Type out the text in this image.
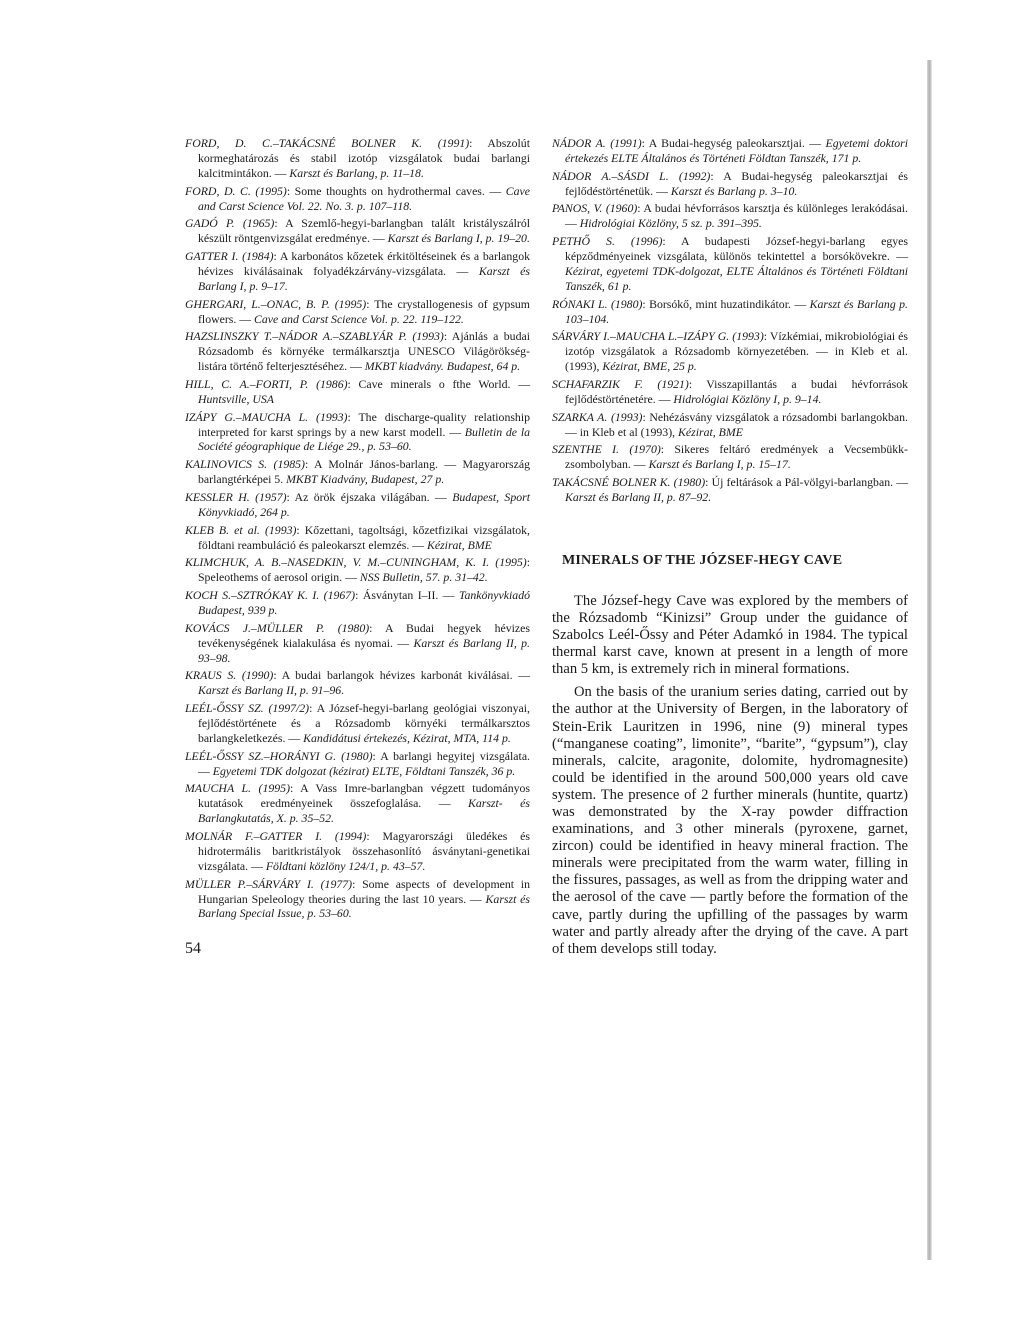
FORD, D. C.–TAKÁCSNÉ BOLNER K. (1991): Abszolút kormeghatározás és stabil izotóp vizsgálatok budai barlangi kalcitmintákon. — Karszt és Barlang, p. 11–18.

FORD, D. C. (1995): Some thoughts on hydrothermal caves. — Cave and Carst Science Vol. 22. No. 3. p. 107–118.

GADÓ P. (1965): A Szemlő-hegyi-barlangban talált kristályszálról készült röntgenvizsgálat eredménye. — Karszt és Barlang I, p. 19–20.

GATTER I. (1984): A karbonátos kőzetek érkitöltéseinek és a barlangok hévizes kiválásainak folyadékzárvány-vizsgálata. — Karszt és Barlang I, p. 9–17.

GHERGARI, L.–ONAC, B. P. (1995): The crystallogenesis of gypsum flowers. — Cave and Carst Science Vol. p. 22. 119–122.

HAZSLINSZKY T.–NÁDOR A.–SZABLYÁR P. (1993): Ajánlás a budai Rózsadomb és környéke termálkarsztja UNESCO Világörökség-listára történő felterjesztéséhez. — MKBT kiadvány. Budapest, 64 p.

HILL, C. A.–FORTI, P. (1986): Cave minerals o fthe World. — Huntsville, USA

IZÁPY G.–MAUCHA L. (1993): The discharge-quality relationship interpreted for karst springs by a new karst modell. — Bulletin de la Société géographique de Liége 29., p. 53–60.

KALINOVICS S. (1985): A Molnár János-barlang. — Magyarország barlangtérképei 5. MKBT Kiadvány, Budapest, 27 p.

KESSLER H. (1957): Az örök éjszaka világában. — Budapest, Sport Könyvkiadó, 264 p.

KLEB B. et al. (1993): Kőzettani, tagoltsági, kőzetfizikai vizsgálatok, földtani reambuláció és paleokarszt elemzés. — Kézirat, BME

KLIMCHUK, A. B.–NASEDKIN, V. M.–CUNINGHAM, K. I. (1995): Speleothems of aerosol origin. — NSS Bulletin, 57. p. 31–42.

KOCH S.–SZTRÓKAY K. I. (1967): Ásványtan I–II. — Tankönyvkiadó Budapest, 939 p.

KOVÁCS J.–MÜLLER P. (1980): A Budai hegyek hévizes tevékenységének kialakulása és nyomai. — Karszt és Barlang II, p. 93–98.

KRAUS S. (1990): A budai barlangok hévizes karbonát kiválásai. — Karszt és Barlang II, p. 91–96.

LEÉL-ŐSSY SZ. (1997/2): A József-hegyi-barlang geológiai viszonyai, fejlődéstörténete és a Rózsadomb környéki termálkarsztos barlangkeletkezés. — Kandidátusi értekezés, Kézirat, MTA, 114 p.

LEÉL-ŐSSY SZ.–HORÁNYI G. (1980): A barlangi hegyitej vizsgálata. — Egyetemi TDK dolgozat (kézirat) ELTE, Földtani Tanszék, 36 p.

MAUCHA L. (1995): A Vass Imre-barlangban végzett tudományos kutatások eredményeinek összefoglalása. — Karszt- és Barlangkutatás, X. p. 35–52.

MOLNÁR F.–GATTER I. (1994): Magyarországi üledékes és hidrotermális baritkristályok összehasonlító ásványtani-genetikai vizsgálata. — Földtani közlöny 124/1, p. 43–57.

MÜLLER P.–SÁRVÁRY I. (1977): Some aspects of development in Hungarian Speleology theories during the last 10 years. — Karszt és Barlang Special Issue, p. 53–60.

NÁDOR A. (1991): A Budai-hegység paleokarsztjai. — Egyetemi doktori értekezés ELTE Általános és Történeti Földtan Tanszék, 171 p.

NÁDOR A.–SÁSDI L. (1992): A Budai-hegység paleokarsztjai és fejlődéstörténetük. — Karszt és Barlang p. 3–10.

PANOS, V. (1960): A budai hévforrásos karsztja és különleges lerakódásai. — Hidrológiai Közlöny, 5 sz. p. 391–395.

PETHŐ S. (1996): A budapesti József-hegyi-barlang egyes képződményeinek vizsgálata, különös tekintettel a borsókövekre. — Kézirat, egyetemi TDK-dolgozat, ELTE Általános és Történeti Földtani Tanszék, 61 p.

RÓNAKI L. (1980): Borsókő, mint huzatindikátor. — Karszt és Barlang p. 103–104.

SÁRVÁRY I.–MAUCHA L.–IZÁPY G. (1993): Vízkémiai, mikrobiológiai és izotóp vizsgálatok a Rózsadomb környezetében. — in Kleb et al. (1993), Kézirat, BME, 25 p.

SCHAFARZIK F. (1921): Visszapillantás a budai hévforrások fejlődéstörténetére. — Hidrológiai Közlöny I, p. 9–14.

SZARKA A. (1993): Nehézásvány vizsgálatok a rózsadombi barlangokban. — in Kleb et al (1993), Kézirat, BME

SZENTHE I. (1970): Sikeres feltáró eredmények a Vecsembükk-zsombolyban. — Karszt és Barlang I, p. 15–17.

TAKÁCSNÉ BOLNER K. (1980): Új feltárások a Pál-völgyi-barlangban. — Karszt és Barlang II, p. 87–92.

MINERALS OF THE JÓZSEF-HEGY CAVE

The József-hegy Cave was explored by the members of the Rózsadomb “Kinizsi” Group under the guidance of Szabolcs Leél-Őssy and Péter Adamkó in 1984. The typical thermal karst cave, known at present in a length of more than 5 km, is extremely rich in mineral formations.

On the basis of the uranium series dating, carried out by the author at the University of Bergen, in the laboratory of Stein-Erik Lauritzen in 1996, nine (9) mineral types (“manganese coating”, limonite”, “barite”, “gypsum”), clay minerals, calcite, aragonite, dolomite, hydromagnesite) could be identified in the around 500,000 years old cave system. The presence of 2 further minerals (huntite, quartz) was demonstrated by the X-ray powder diffraction examinations, and 3 other minerals (pyroxene, garnet, zircon) could be identified in heavy mineral fraction. The minerals were precipitated from the warm water, filling in the fissures, passages, as well as from the dripping water and the aerosol of the cave — partly before the formation of the cave, partly during the upfilling of the passages by warm water and partly already after the drying of the cave. A part of them develops still today.

54
